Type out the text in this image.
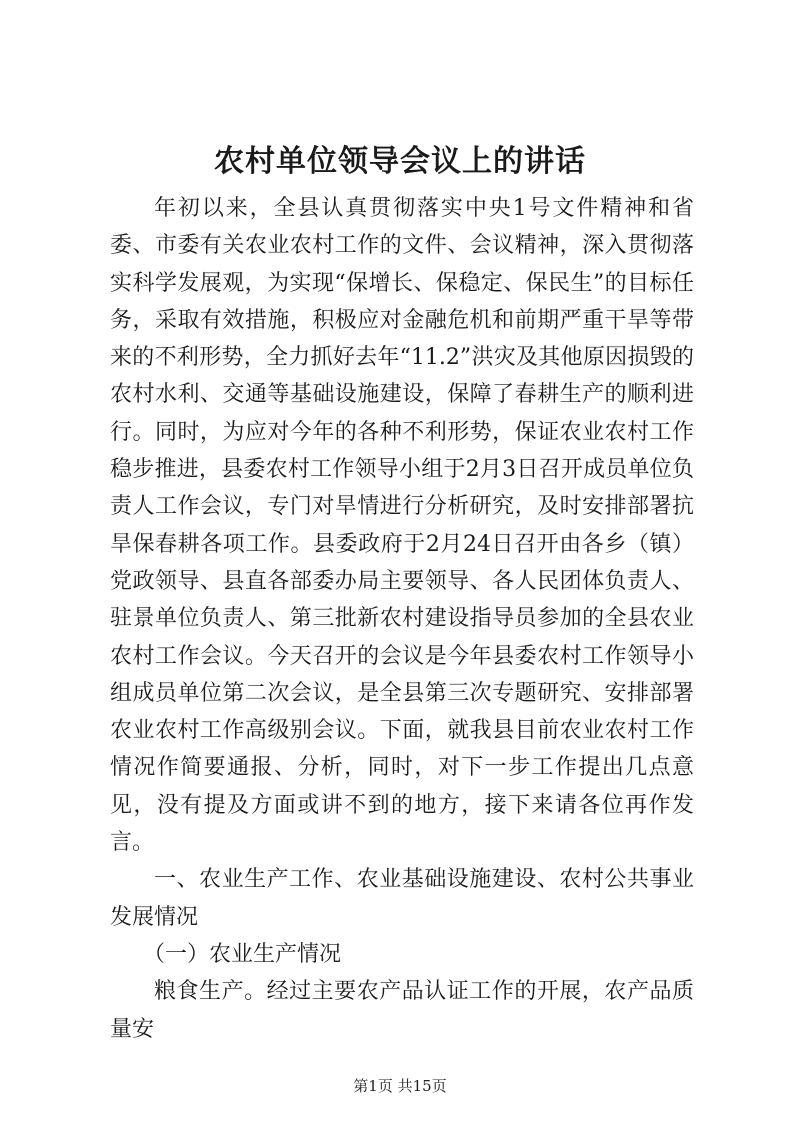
农村单位领导会议上的讲话

年初以来，全县认真贯彻落实中央1号文件精神和省委、市委有关农业农村工作的文件、会议精神，深入贯彻落实科学发展观，为实现“保增长、保稳定、保民生”的目标任务，采取有效措施，积极应对金融危机和前期严重干旱等带来的不利形势，全力抓好去年“11.2”洪灾及其他原因损毁的农村水利、交通等基础设施建设，保障了春耕生产的顺利进行。同时，为应对今年的各种不利形势，保证农业农村工作稳步推进，县委农村工作领导小组于2月3日召开成员单位负责人工作会议，专门对旱情进行分析研究，及时安排部署抗旱保春耕各项工作。县委政府于2月24日召开由各乡（镇）党政领导、县直各部委办局主要领导、各人民团体负责人、驻景单位负责人、第三批新农村建设指导员参加的全县农业农村工作会议。今天召开的会议是今年县委农村工作领导小组成员单位第二次会议，是全县第三次专题研究、安排部署农业农村工作高级别会议。下面，就我县目前农业农村工作情况作简要通报、分析，同时，对下一步工作提出几点意见，没有提及方面或讲不到的地方，接下来请各位再作发言。

一、农业生产工作、农业基础设施建设、农村公共事业发展情况

（一）农业生产情况

粮食生产。经过主要农产品认证工作的开展，农产品质量安

第1页 共15页
